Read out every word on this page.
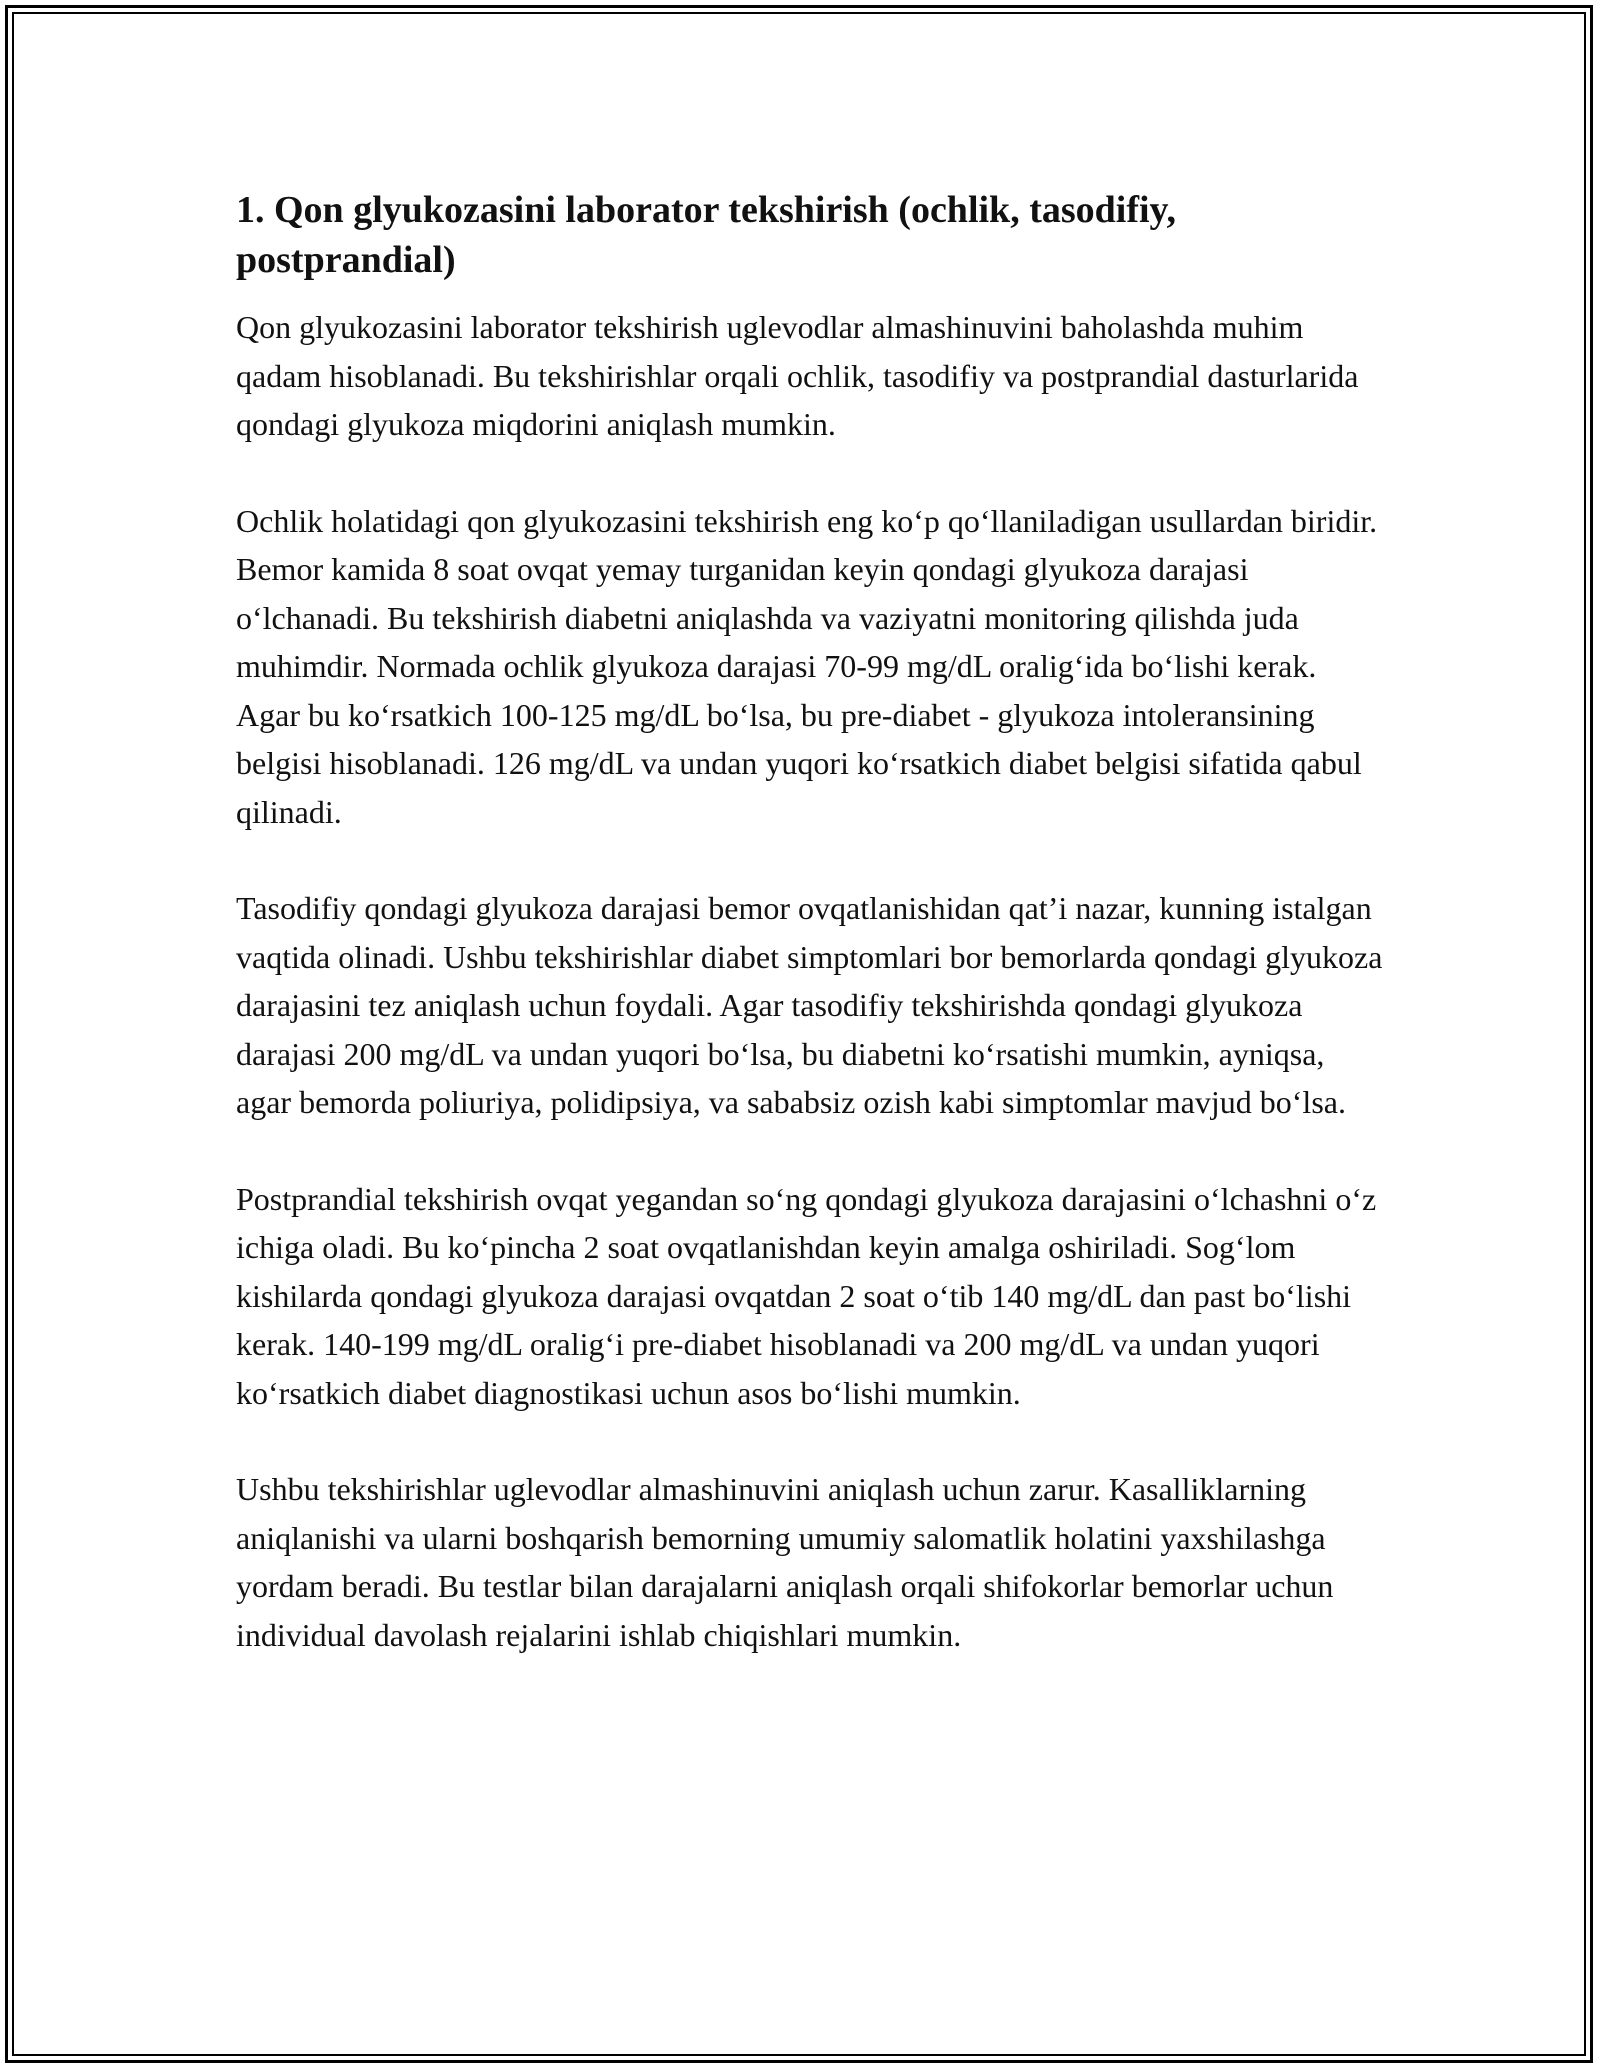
1. Qon glyukozasini laborator tekshirish (ochlik, tasodifiy, postprandial)

Qon glyukozasini laborator tekshirish uglevodlar almashinuvini baholashda muhim qadam hisoblanadi. Bu tekshirishlar orqali ochlik, tasodifiy va postprandial dasturlarida qondagi glyukoza miqdorini aniqlash mumkin.

Ochlik holatidagi qon glyukozasini tekshirish eng koʻp qoʻllaniladigan usullardan biridir. Bemor kamida 8 soat ovqat yemay turganidan keyin qondagi glyukoza darajasi oʻlchanadi. Bu tekshirish diabetni aniqlashda va vaziyatni monitoring qilishda juda muhimdir. Normada ochlik glyukoza darajasi 70-99 mg/dL oraligʻida boʻlishi kerak. Agar bu koʻrsatkich 100-125 mg/dL boʻlsa, bu pre-diabet - glyukoza intoleransining belgisi hisoblanadi. 126 mg/dL va undan yuqori koʻrsatkich diabet belgisi sifatida qabul qilinadi.

Tasodifiy qondagi glyukoza darajasi bemor ovqatlanishidan qatʼi nazar, kunning istalgan vaqtida olinadi. Ushbu tekshirishlar diabet simptomlari bor bemorlarda qondagi glyukoza darajasini tez aniqlash uchun foydali. Agar tasodifiy tekshirishda qondagi glyukoza darajasi 200 mg/dL va undan yuqori boʻlsa, bu diabetni koʻrsatishi mumkin, ayniqsa, agar bemorda poliuriya, polidipsiya, va sababsiz ozish kabi simptomlar mavjud boʻlsa.

Postprandial tekshirish ovqat yegandan soʻng qondagi glyukoza darajasini oʻlchashni oʻz ichiga oladi. Bu koʻpincha 2 soat ovqatlanishdan keyin amalga oshiriladi. Sogʻlom kishilarda qondagi glyukoza darajasi ovqatdan 2 soat oʻtib 140 mg/dL dan past boʻlishi kerak. 140-199 mg/dL oraligʻi pre-diabet hisoblanadi va 200 mg/dL va undan yuqori koʻrsatkich diabet diagnostikasi uchun asos boʻlishi mumkin.

Ushbu tekshirishlar uglevodlar almashinuvini aniqlash uchun zarur. Kasalliklarning aniqlanishi va ularni boshqarish bemorning umumiy salomatlik holatini yaxshilashga yordam beradi. Bu testlar bilan darajalarni aniqlash orqali shifokorlar bemorlar uchun individual davolash rejalarini ishlab chiqishlari mumkin.
